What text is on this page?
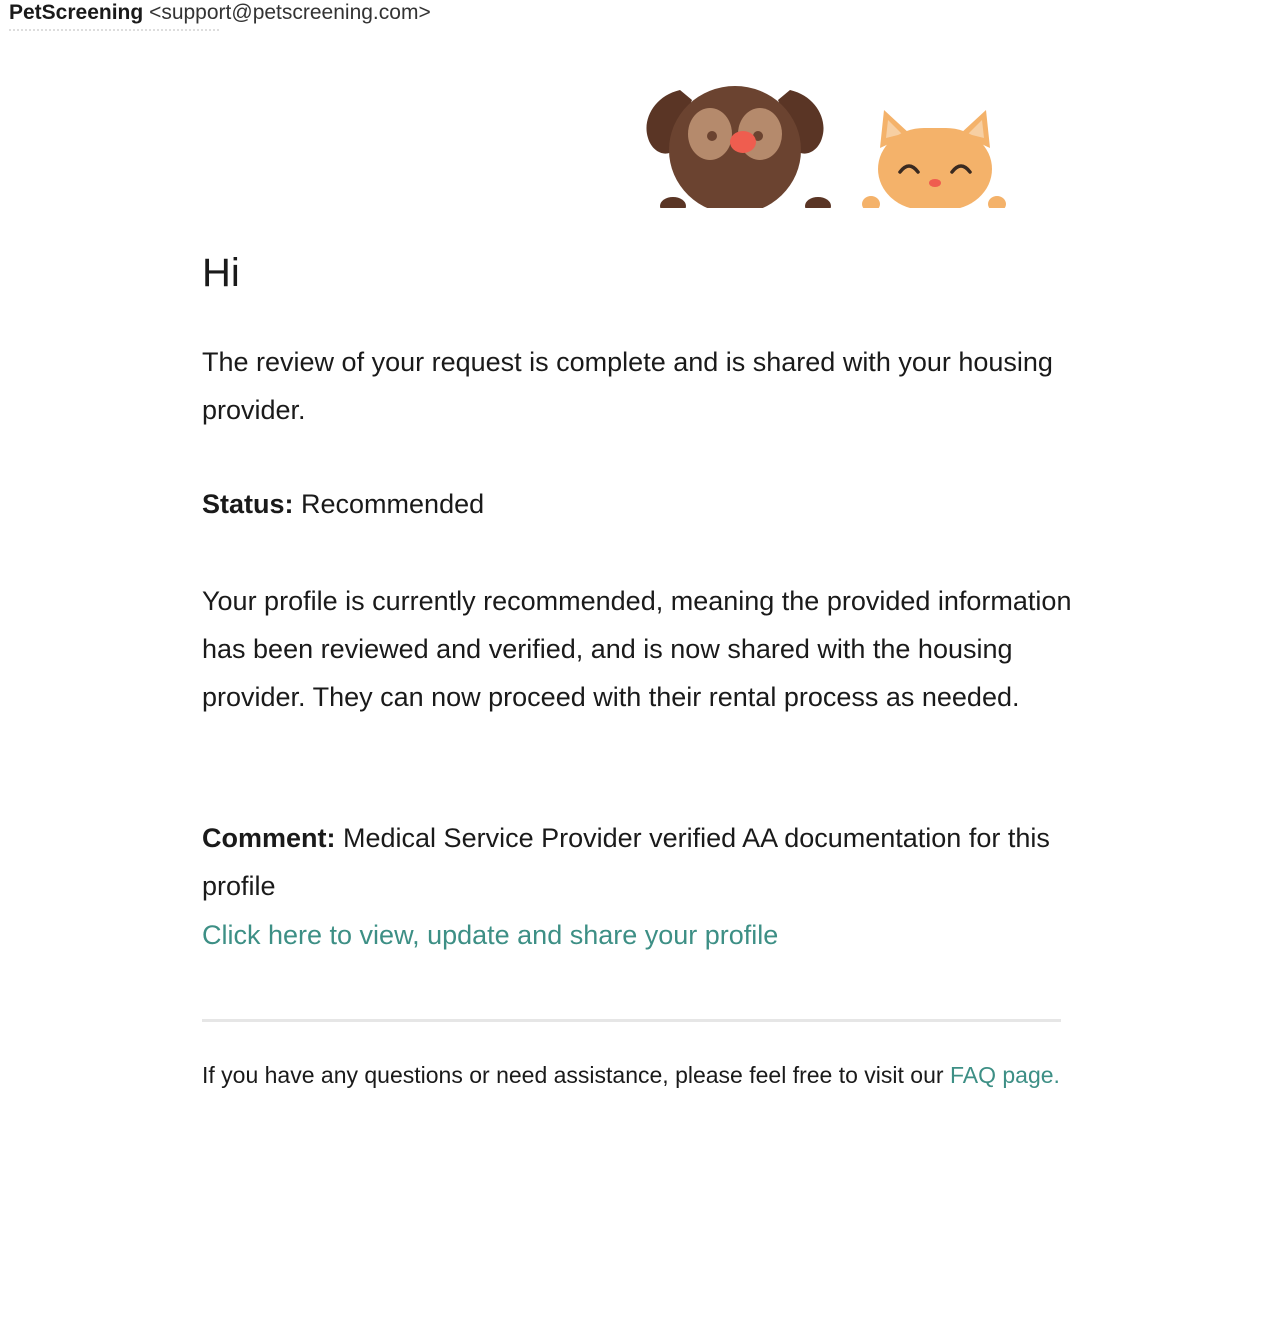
PetScreening <support@petscreening.com>
Hi

The review of your request is complete and is shared with your housing provider.

Status: Recommended

Your profile is currently recommended, meaning the provided information has been reviewed and verified, and is now shared with the housing provider. They can now proceed with their rental process as needed.

Comment: Medical Service Provider verified AA documentation for this profile

Click here to view, update and share your profile

If you have any questions or need assistance, please feel free to visit our FAQ page.
